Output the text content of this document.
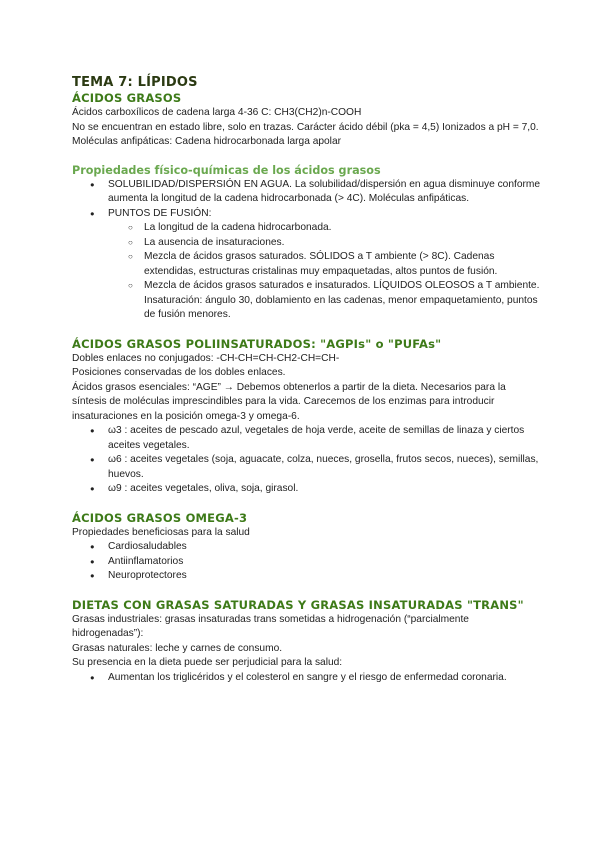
TEMA 7: LÍPIDOS
ÁCIDOS GRASOS

Ácidos carboxílicos de cadena larga 4-36 C: CH3(CH2)n-COOH

No se encuentran en estado libre, solo en trazas. Carácter ácido débil (pka = 4,5) Ionizados a pH = 7,0.

Moléculas anfipáticas: Cadena hidrocarbonada larga apolar

Propiedades físico-químicas de los ácidos grasos
● SOLUBILIDAD/DISPERSIÓN EN AGUA. La solubilidad/dispersión en agua disminuye conforme aumenta la longitud de la cadena hidrocarbonada (> 4C). Moléculas anfipáticas.
● PUNTOS DE FUSIÓN:
○ La longitud de la cadena hidrocarbonada.
○ La ausencia de insaturaciones.
○ Mezcla de ácidos grasos saturados. SÓLIDOS a T ambiente (> 8C). Cadenas extendidas, estructuras cristalinas muy empaquetadas, altos puntos de fusión.
○ Mezcla de ácidos grasos saturados e insaturados. LÍQUIDOS OLEOSOS a T ambiente. Insaturación: ángulo 30, doblamiento en las cadenas, menor empaquetamiento, puntos de fusión menores.
ÁCIDOS GRASOS POLIINSATURADOS: "AGPIs" o "PUFAs"

Dobles enlaces no conjugados: -CH-CH=CH-CH2-CH=CH-

Posiciones conservadas de los dobles enlaces.

Ácidos grasos esenciales: “AGE” → Debemos obtenerlos a partir de la dieta. Necesarios para la síntesis de moléculas imprescindibles para la vida. Carecemos de los enzimas para introducir insaturaciones en la posición omega-3 y omega-6.

● ω3 : aceites de pescado azul, vegetales de hoja verde, aceite de semillas de linaza y ciertos aceites vegetales.
● ω6 : aceites vegetales (soja, aguacate, colza, nueces, grosella, frutos secos, nueces), semillas, huevos.
● ω9 : aceites vegetales, oliva, soja, girasol.
ÁCIDOS GRASOS OMEGA-3

Propiedades beneficiosas para la salud

● Cardiosaludables
● Antiinflamatorios
● Neuroprotectores
DIETAS CON GRASAS SATURADAS Y GRASAS INSATURADAS "TRANS"

Grasas industriales: grasas insaturadas trans sometidas a hidrogenación (“parcialmente hidrogenadas”):

Grasas naturales: leche y carnes de consumo.

Su presencia en la dieta puede ser perjudicial para la salud:

● Aumentan los triglicéridos y el colesterol en sangre y el riesgo de enfermedad coronaria.
